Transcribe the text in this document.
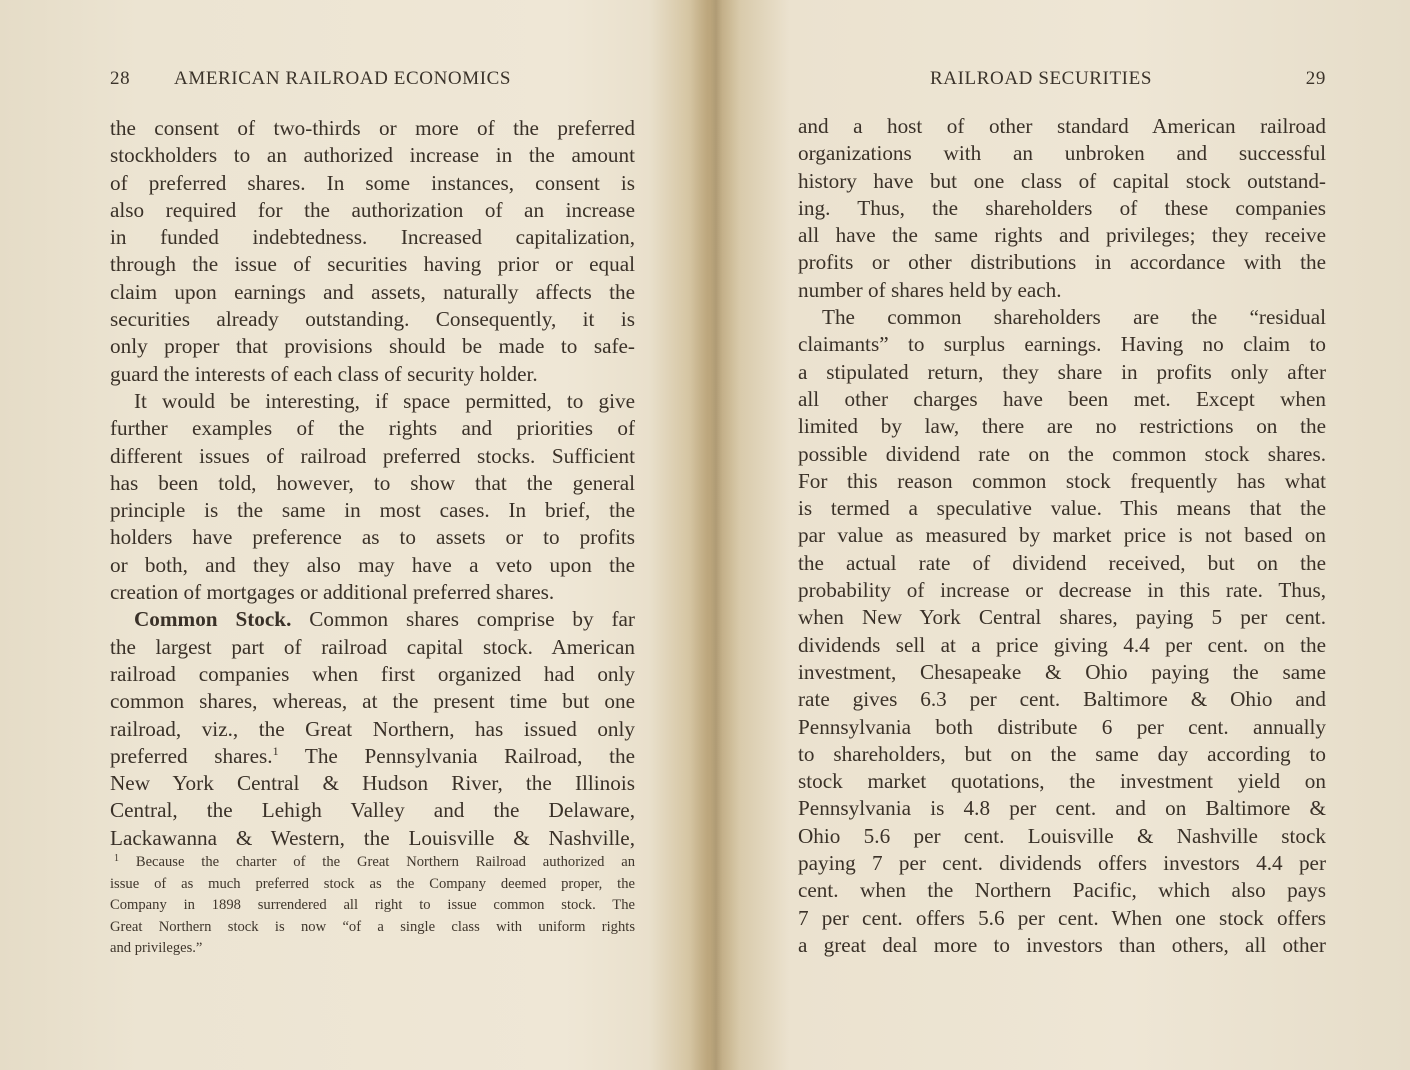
28 AMERICAN RAILROAD ECONOMICS
the consent of two-thirds or more of the preferred
stockholders to an authorized increase in the amount
of preferred shares. In some instances, consent is
also required for the authorization of an increase
in funded indebtedness. Increased capitalization,
through the issue of securities having prior or equal
claim upon earnings and assets, naturally affects the
securities already outstanding. Consequently, it is
only proper that provisions should be made to safe-
guard the interests of each class of security holder.
It would be interesting, if space permitted, to give
further examples of the rights and priorities of
different issues of railroad preferred stocks. Sufficient
has been told, however, to show that the general
principle is the same in most cases. In brief, the
holders have preference as to assets or to profits
or both, and they also may have a veto upon the
creation of mortgages or additional preferred shares.
Common Stock. Common shares comprise by far
the largest part of railroad capital stock. American
railroad companies when first organized had only
common shares, whereas, at the present time but one
railroad, viz., the Great Northern, has issued only
preferred shares.$^1$ The Pennsylvania Railroad, the
New York Central & Hudson River, the Illinois
Central, the Lehigh Valley and the Delaware,
Lackawanna & Western, the Louisville & Nashville,
$^1$ Because the charter of the Great Northern Railroad authorized an
issue of as much preferred stock as the Company deemed proper, the
Company in 1898 surrendered all right to issue common stock. The
Great Northern stock is now “of a single class with uniform rights
and privileges.”
RAILROAD SECURITIES	29
and a host of other standard American railroad
organizations with an unbroken and successful
history have but one class of capital stock outstand-
ing. Thus, the shareholders of these companies
all have the same rights and privileges; they receive
profits or other distributions in accordance with the
number of shares held by each.
The common shareholders are the “residual
claimants” to surplus earnings. Having no claim to
a stipulated return, they share in profits only after
all other charges have been met. Except when
limited by law, there are no restrictions on the
possible dividend rate on the common stock shares.
For this reason common stock frequently has what
is termed a speculative value. This means that the
par value as measured by market price is not based on
the actual rate of dividend received, but on the
probability of increase or decrease in this rate. Thus,
when New York Central shares, paying 5 per cent.
dividends sell at a price giving 4.4 per cent. on the
investment, Chesapeake & Ohio paying the same
rate gives 6.3 per cent. Baltimore & Ohio and
Pennsylvania both distribute 6 per cent. annually
to shareholders, but on the same day according to
stock market quotations, the investment yield on
Pennsylvania is 4.8 per cent. and on Baltimore &
Ohio 5.6 per cent. Louisville & Nashville stock
paying 7 per cent. dividends offers investors 4.4 per
cent. when the Northern Pacific, which also pays
7 per cent. offers 5.6 per cent. When one stock offers
a great deal more to investors than others, all other
